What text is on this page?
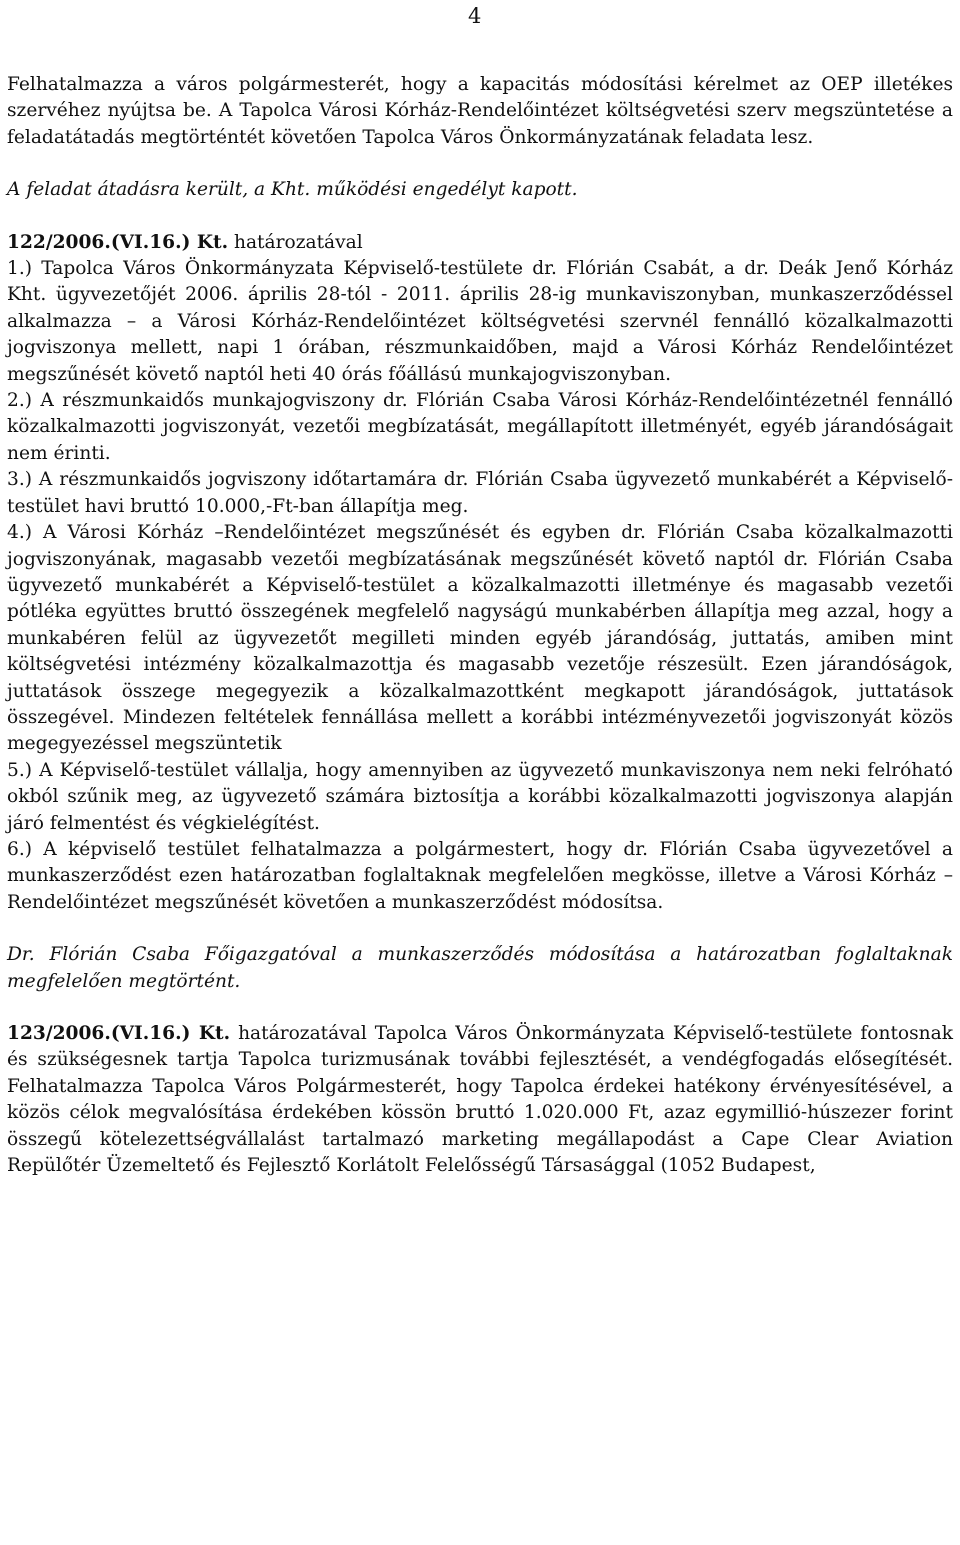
4

Felhatalmazza a város polgármesterét, hogy a kapacitás módosítási kérelmet az OEP illetékes szervéhez nyújtsa be. A Tapolca Városi Kórház-Rendelőintézet költségvetési szerv megszüntetése a feladatátadás megtörténtét követően Tapolca Város Önkormányzatának feladata lesz.

A feladat átadásra került, a Kht. működési engedélyt kapott.

122/2006.(VI.16.) Kt. határozatával

1.) Tapolca Város Önkormányzata Képviselő-testülete dr. Flórián Csabát, a dr. Deák Jenő Kórház Kht. ügyvezetőjét 2006. április 28-tól - 2011. április 28-ig munkaviszonyban, munkaszerződéssel alkalmazza – a Városi Kórház-Rendelőintézet költségvetési szervnél fennálló közalkalmazotti jogviszonya mellett, napi 1 órában, részmunkaidőben, majd a Városi Kórház Rendelőintézet megszűnését követő naptól heti 40 órás főállású munkajogviszonyban.

2.) A részmunkaidős munkajogviszony dr. Flórián Csaba Városi Kórház-Rendelőintézetnél fennálló közalkalmazotti jogviszonyát, vezetői megbízatását, megállapított illetményét, egyéb járandóságait nem érinti.

3.) A részmunkaidős jogviszony időtartamára dr. Flórián Csaba ügyvezető munkabérét a Képviselő-testület havi bruttó 10.000,-Ft-ban állapítja meg.

4.) A Városi Kórház –Rendelőintézet megszűnését és egyben dr. Flórián Csaba közalkalmazotti jogviszonyának, magasabb vezetői megbízatásának megszűnését követő naptól dr. Flórián Csaba ügyvezető munkabérét a Képviselő-testület a közalkalmazotti illetménye és magasabb vezetői pótléka együttes bruttó összegének megfelelő nagyságú munkabérben állapítja meg azzal, hogy a munkabéren felül az ügyvezetőt megilleti minden egyéb járandóság, juttatás, amiben mint költségvetési intézmény közalkalmazottja és magasabb vezetője részesült. Ezen járandóságok, juttatások összege megegyezik a közalkalmazottként megkapott járandóságok, juttatások összegével. Mindezen feltételek fennállása mellett a korábbi intézményvezetői jogviszonyát közös megegyezéssel megszüntetik

5.) A Képviselő-testület vállalja, hogy amennyiben az ügyvezető munkaviszonya nem neki felróható okból szűnik meg, az ügyvezető számára biztosítja a korábbi közalkalmazotti jogviszonya alapján járó felmentést és végkielégítést.

6.) A képviselő testület felhatalmazza a polgármestert, hogy dr. Flórián Csaba ügyvezetővel a munkaszerződést ezen határozatban foglaltaknak megfelelően megkösse, illetve a Városi Kórház –Rendelőintézet megszűnését követően a munkaszerződést módosítsa.

Dr. Flórián Csaba Főigazgatóval a munkaszerződés módosítása a határozatban foglaltaknak megfelelően megtörtént.

123/2006.(VI.16.) Kt. határozatával Tapolca Város Önkormányzata Képviselő-testülete fontosnak és szükségesnek tartja Tapolca turizmusának további fejlesztését, a vendégfogadás elősegítését. Felhatalmazza Tapolca Város Polgármesterét, hogy Tapolca érdekei hatékony érvényesítésével, a közös célok megvalósítása érdekében kössön bruttó 1.020.000 Ft, azaz egymillió-húszezer forint összegű kötelezettségvállalást tartalmazó marketing megállapodást a Cape Clear Aviation Repülőtér Üzemeltető és Fejlesztő Korlátolt Felelősségű Társasággal (1052 Budapest,
